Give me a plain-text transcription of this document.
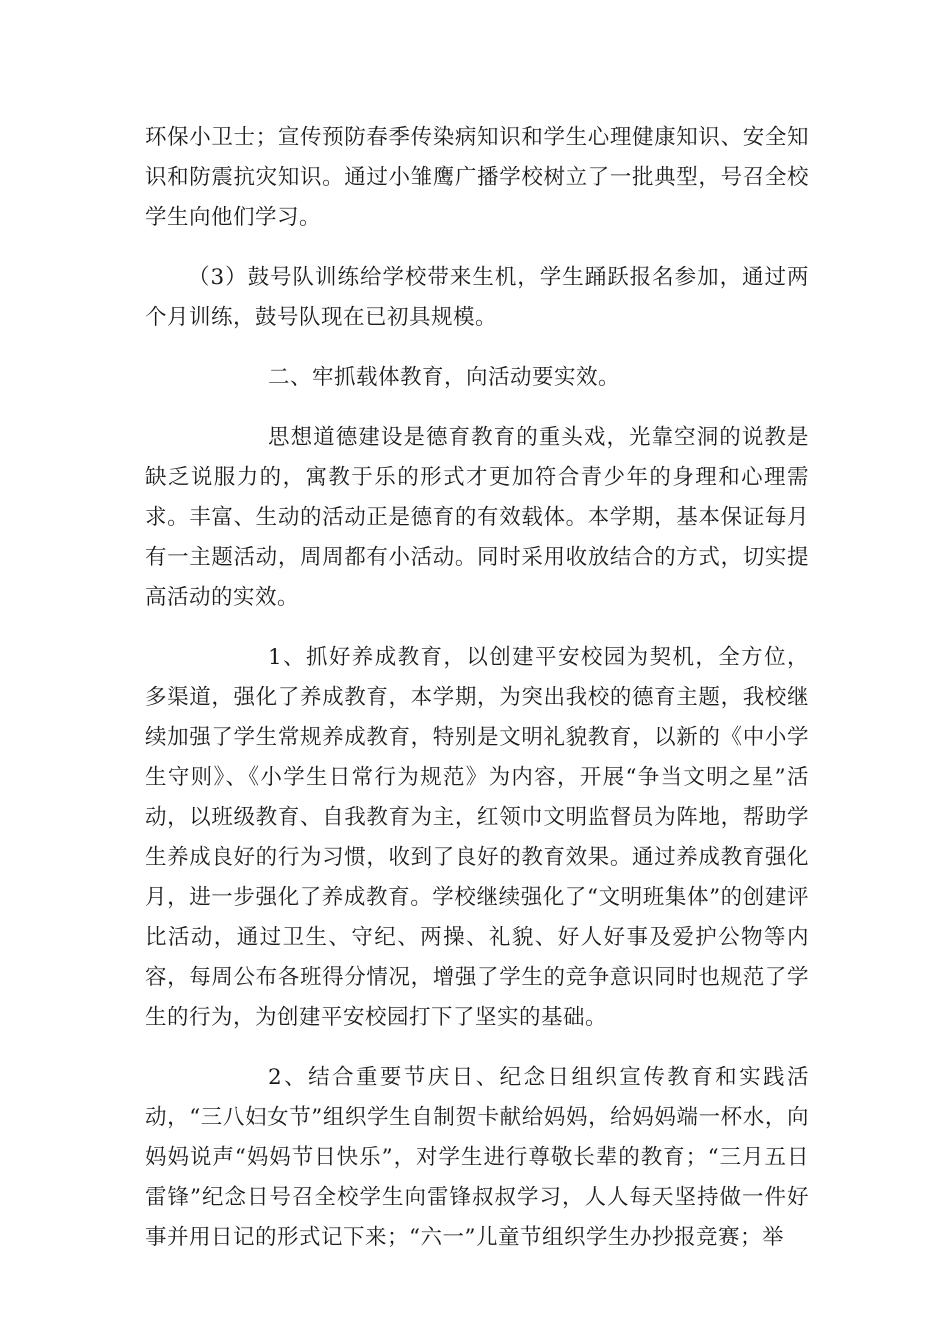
环保小卫士；宣传预防春季传染病知识和学生心理健康知识、安全知识和防震抗灾知识。通过小雏鹰广播学校树立了一批典型，号召全校学生向他们学习。

（3）鼓号队训练给学校带来生机，学生踊跃报名参加，通过两个月训练，鼓号队现在已初具规模。

二、牢抓载体教育，向活动要实效。

思想道德建设是德育教育的重头戏，光靠空洞的说教是缺乏说服力的，寓教于乐的形式才更加符合青少年的身理和心理需求。丰富、生动的活动正是德育的有效载体。本学期，基本保证每月有一主题活动，周周都有小活动。同时采用收放结合的方式，切实提高活动的实效。

1、抓好养成教育，以创建平安校园为契机，全方位，多渠道，强化了养成教育，本学期，为突出我校的德育主题，我校继续加强了学生常规养成教育，特别是文明礼貌教育，以新的《中小学生守则》、《小学生日常行为规范》为内容，开展“争当文明之星”活动，以班级教育、自我教育为主，红领巾文明监督员为阵地，帮助学生养成良好的行为习惯，收到了良好的教育效果。通过养成教育强化月，进一步强化了养成教育。学校继续强化了“文明班集体”的创建评比活动，通过卫生、守纪、两操、礼貌、好人好事及爱护公物等内容，每周公布各班得分情况，增强了学生的竞争意识同时也规范了学生的行为，为创建平安校园打下了坚实的基础。

2、结合重要节庆日、纪念日组织宣传教育和实践活动，“三八妇女节”组织学生自制贺卡献给妈妈，给妈妈端一杯水，向妈妈说声“妈妈节日快乐”，对学生进行尊敬长辈的教育；“三月五日雷锋”纪念日号召全校学生向雷锋叔叔学习，人人每天坚持做一件好事并用日记的形式记下来；“六一”儿童节组织学生办抄报竞赛；举
